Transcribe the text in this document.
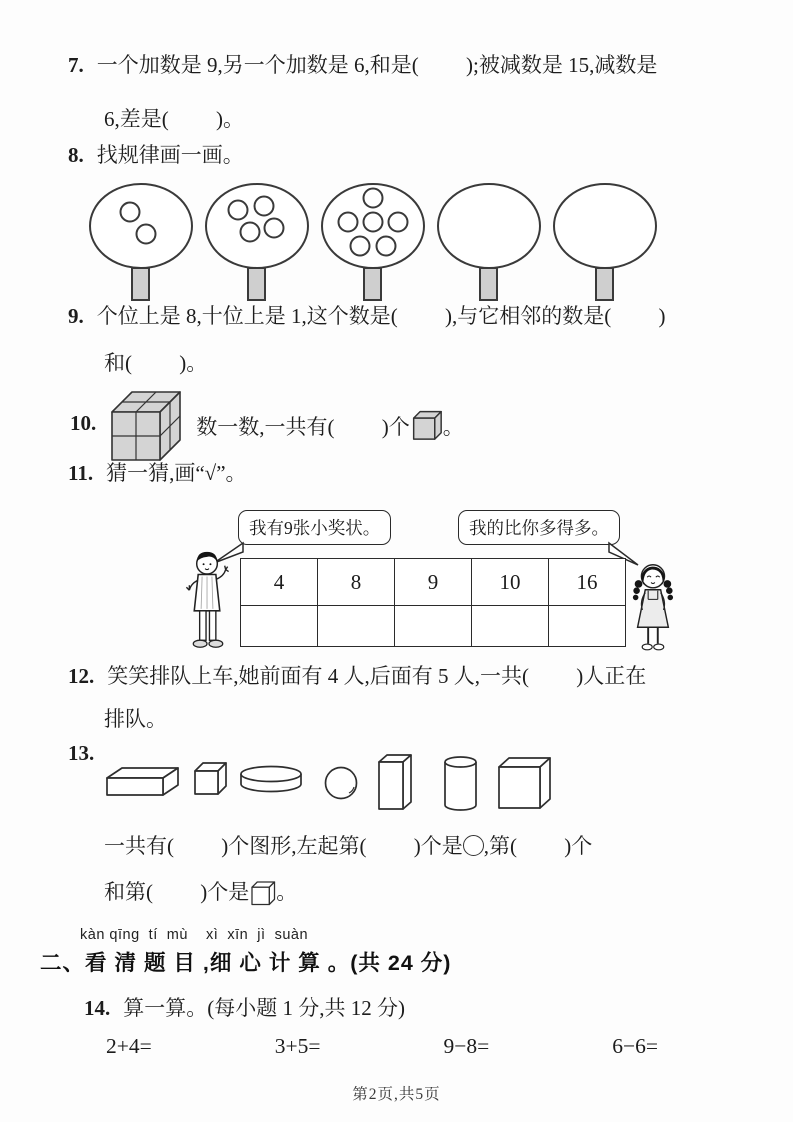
7. 一个加数是 9,另一个加数是 6,和是(         );被减数是 15,减数是
6,差是(         )。
8. 找规律画一画。
9. 个位上是 8,十位上是 1,这个数是(         ),与它相邻的数是(         )
和(         )。
10.	数一数,一共有(         )个 。
11. 猜一猜,画“√”。
我有9张小奖状。	我的比你多得多。
4	8	9	10	16

12. 笑笑排队上车,她前面有 4 人,后面有 5 人,一共(         )人正在
排队。
13.
一共有(         )个图形,左起第(         )个是 ,第(         )个
和第(         )个是 。
kàn qīng  tí  mù    xì  xīn  jì  suàn
二、看 清 题 目 ,细 心 计 算 。(共 24 分)
14. 算一算。(每小题 1 分,共 12 分)
2+4=	3+5=	9−8=	6−6=
第2页,共5页
